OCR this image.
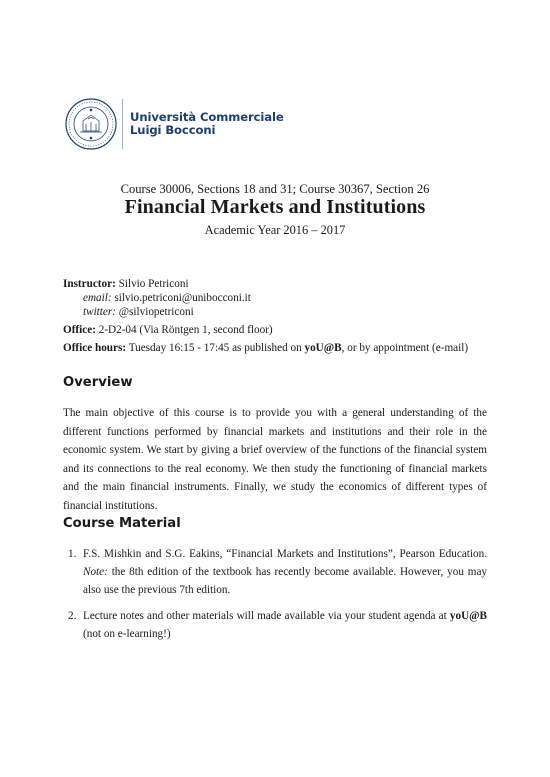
Università Commerciale
Luigi Bocconi
Course 30006, Sections 18 and 31; Course 30367, Section 26
Financial Markets and Institutions
Academic Year 2016 – 2017
Instructor: Silvio Petriconi
email: silvio.petriconi@unibocconi.it
twitter: @silviopetriconi
Office: 2-D2-04 (Via Röntgen 1, second floor)
Office hours: Tuesday 16:15 - 17:45 as published on yoU@B, or by appointment (e-mail)
Overview

The main objective of this course is to provide you with a general understanding of the different functions performed by financial markets and institutions and their role in the economic system. We start by giving a brief overview of the functions of the financial system and its connections to the real economy. We then study the functioning of financial markets and the main financial instruments. Finally, we study the economics of different types of financial institutions.

Course Material
1. F.S. Mishkin and S.G. Eakins, “Financial Markets and Institutions”, Pearson Education. Note: the 8th edition of the textbook has recently become available. However, you may also use the previous 7th edition.
2. Lecture notes and other materials will made available via your student agenda at yoU@B (not on e-learning!)
